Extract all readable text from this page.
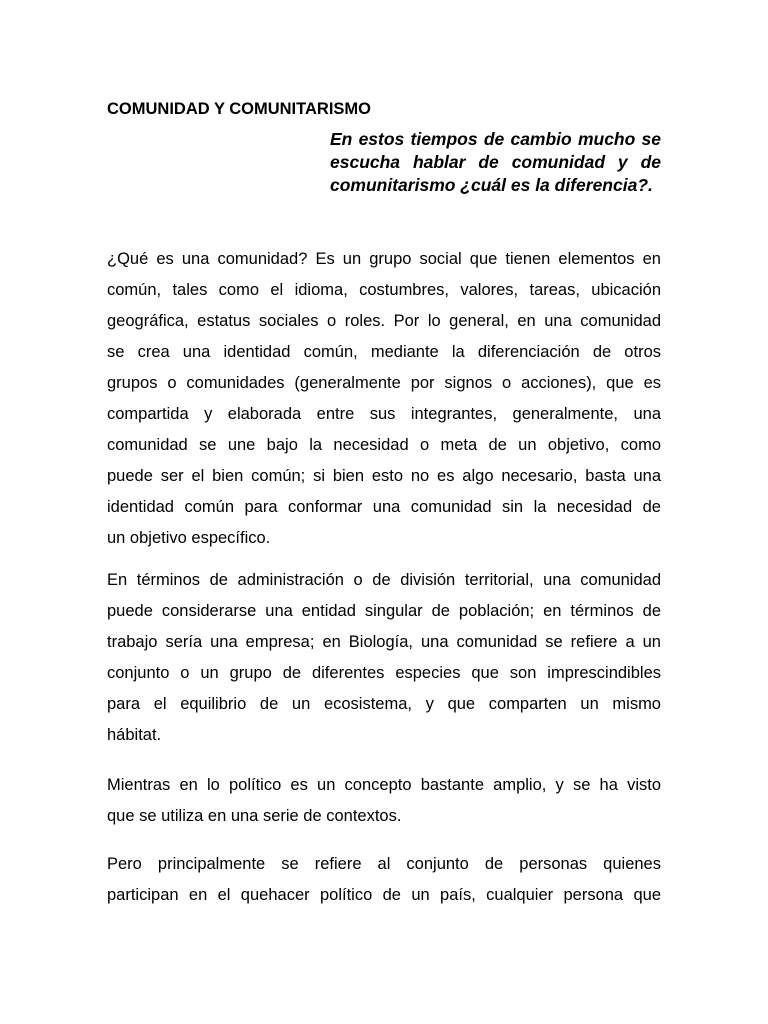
COMUNIDAD Y COMUNITARISMO

En estos tiempos de cambio mucho se
escucha hablar de comunidad y de
comunitarismo ¿cuál es la diferencia?.

¿Qué es una comunidad? Es un grupo social que tienen elementos en
común, tales como el idioma, costumbres, valores, tareas, ubicación
geográfica, estatus sociales o roles. Por lo general, en una comunidad
se crea una identidad común, mediante la diferenciación de otros
grupos o comunidades (generalmente por signos o acciones), que es
compartida y elaborada entre sus integrantes, generalmente, una
comunidad se une bajo la necesidad o meta de un objetivo, como
puede ser el bien común; si bien esto no es algo necesario, basta una
identidad común para conformar una comunidad sin la necesidad de
un objetivo específico.

En términos de administración o de división territorial, una comunidad
puede considerarse una entidad singular de población; en términos de
trabajo sería una empresa; en Biología, una comunidad se refiere a un
conjunto o un grupo de diferentes especies que son imprescindibles
para el equilibrio de un ecosistema, y que comparten un mismo
hábitat.

Mientras en lo político es un concepto bastante amplio, y se ha visto
que se utiliza en una serie de contextos.

Pero principalmente se refiere al conjunto de personas quienes
participan en el quehacer político de un país, cualquier persona que
